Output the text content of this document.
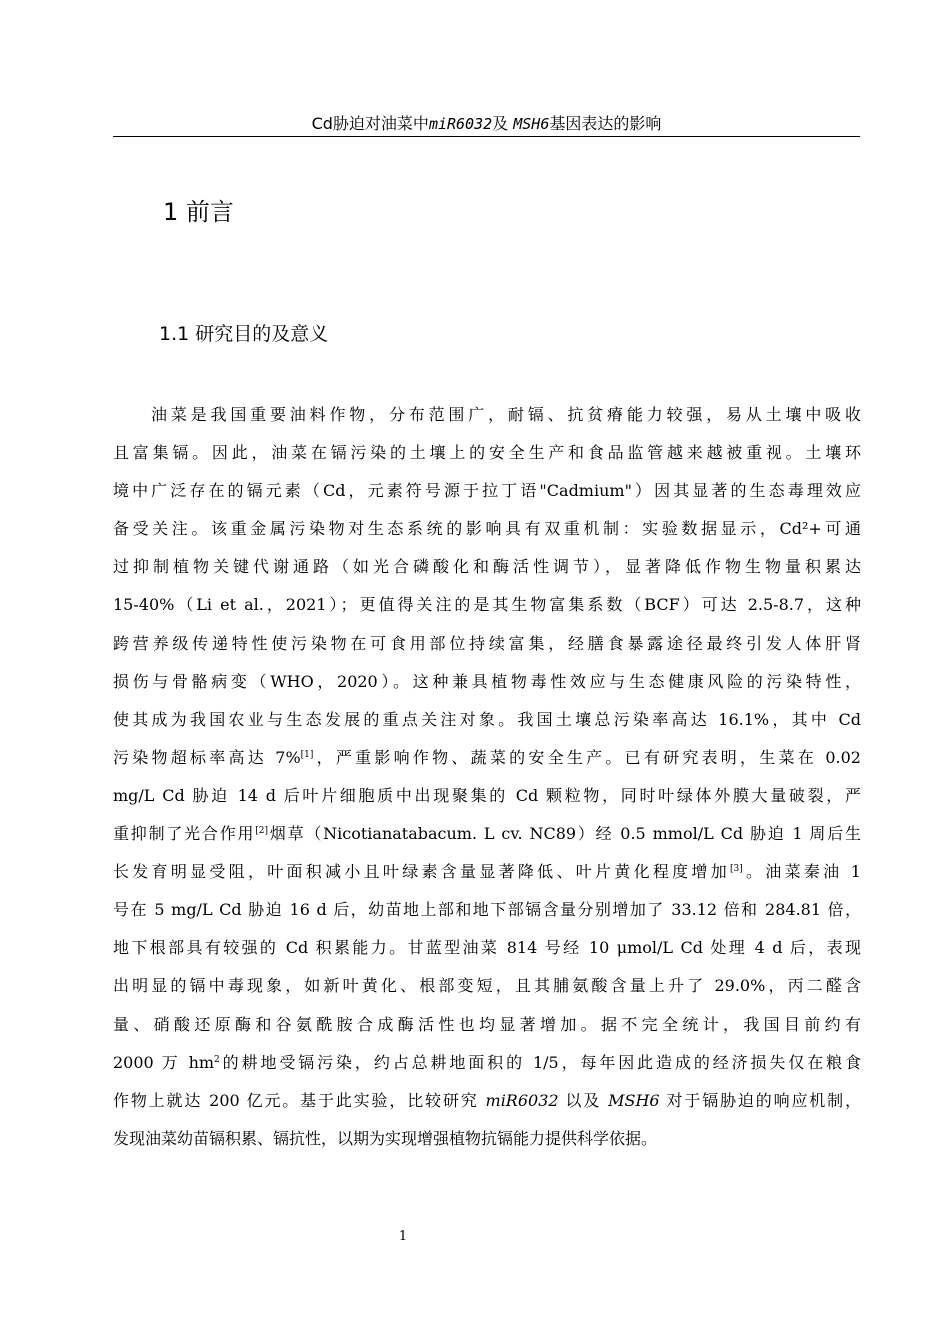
Cd胁迫对油菜中miR6032及 MSH6基因表达的影响
1 前言
1.1 研究目的及意义
油菜是我国重要油料作物，分布范围广，耐镉、抗贫瘠能力较强，易从土壤中吸收
且富集镉。因此，油菜在镉污染的土壤上的安全生产和食品监管越来越被重视。土壤环
境中广泛存在的镉元素（Cd，元素符号源于拉丁语"Cadmium"）因其显著的生态毒理效应
备受关注。该重金属污染物对生态系统的影响具有双重机制：实验数据显示，Cd²+可通
过抑制植物关键代谢通路（如光合磷酸化和酶活性调节），显著降低作物生物量积累达
15-40%（Li et al.，2021）；更值得关注的是其生物富集系数（BCF）可达 2.5-8.7，这种
跨营养级传递特性使污染物在可食用部位持续富集，经膳食暴露途径最终引发人体肝肾
损伤与骨骼病变（WHO，2020）。这种兼具植物毒性效应与生态健康风险的污染特性，
使其成为我国农业与生态发展的重点关注对象。我国土壤总污染率高达 16.1%，其中 Cd
污染物超标率高达 7%[1]，严重影响作物、蔬菜的安全生产。已有研究表明，生菜在 0.02
mg/L Cd 胁迫 14 d 后叶片细胞质中出现聚集的 Cd 颗粒物，同时叶绿体外膜大量破裂，严
重抑制了光合作用[2]烟草（Nicotianatabacum. L cv. NC89）经 0.5 mmol/L Cd 胁迫 1 周后生
长发育明显受阻，叶面积减小且叶绿素含量显著降低、叶片黄化程度增加[3]。油菜秦油 1
号在 5 mg/L Cd 胁迫 16 d 后，幼苗地上部和地下部镉含量分别增加了 33.12 倍和 284.81 倍，
地下根部具有较强的 Cd 积累能力。甘蓝型油菜 814 号经 10 μmol/L Cd 处理 4 d 后，表现
出明显的镉中毒现象，如新叶黄化、根部变短，且其脯氨酸含量上升了 29.0%，丙二醛含
量、硝酸还原酶和谷氨酰胺合成酶活性也均显著增加。据不完全统计，我国目前约有
2000 万 $hm^2$的耕地受镉污染，约占总耕地面积的 1/5，每年因此造成的经济损失仅在粮食
作物上就达 200 亿元。基于此实验，比较研究 miR6032 以及 MSH6 对于镉胁迫的响应机制，
发现油菜幼苗镉积累、镉抗性，以期为实现增强植物抗镉能力提供科学依据。
1
